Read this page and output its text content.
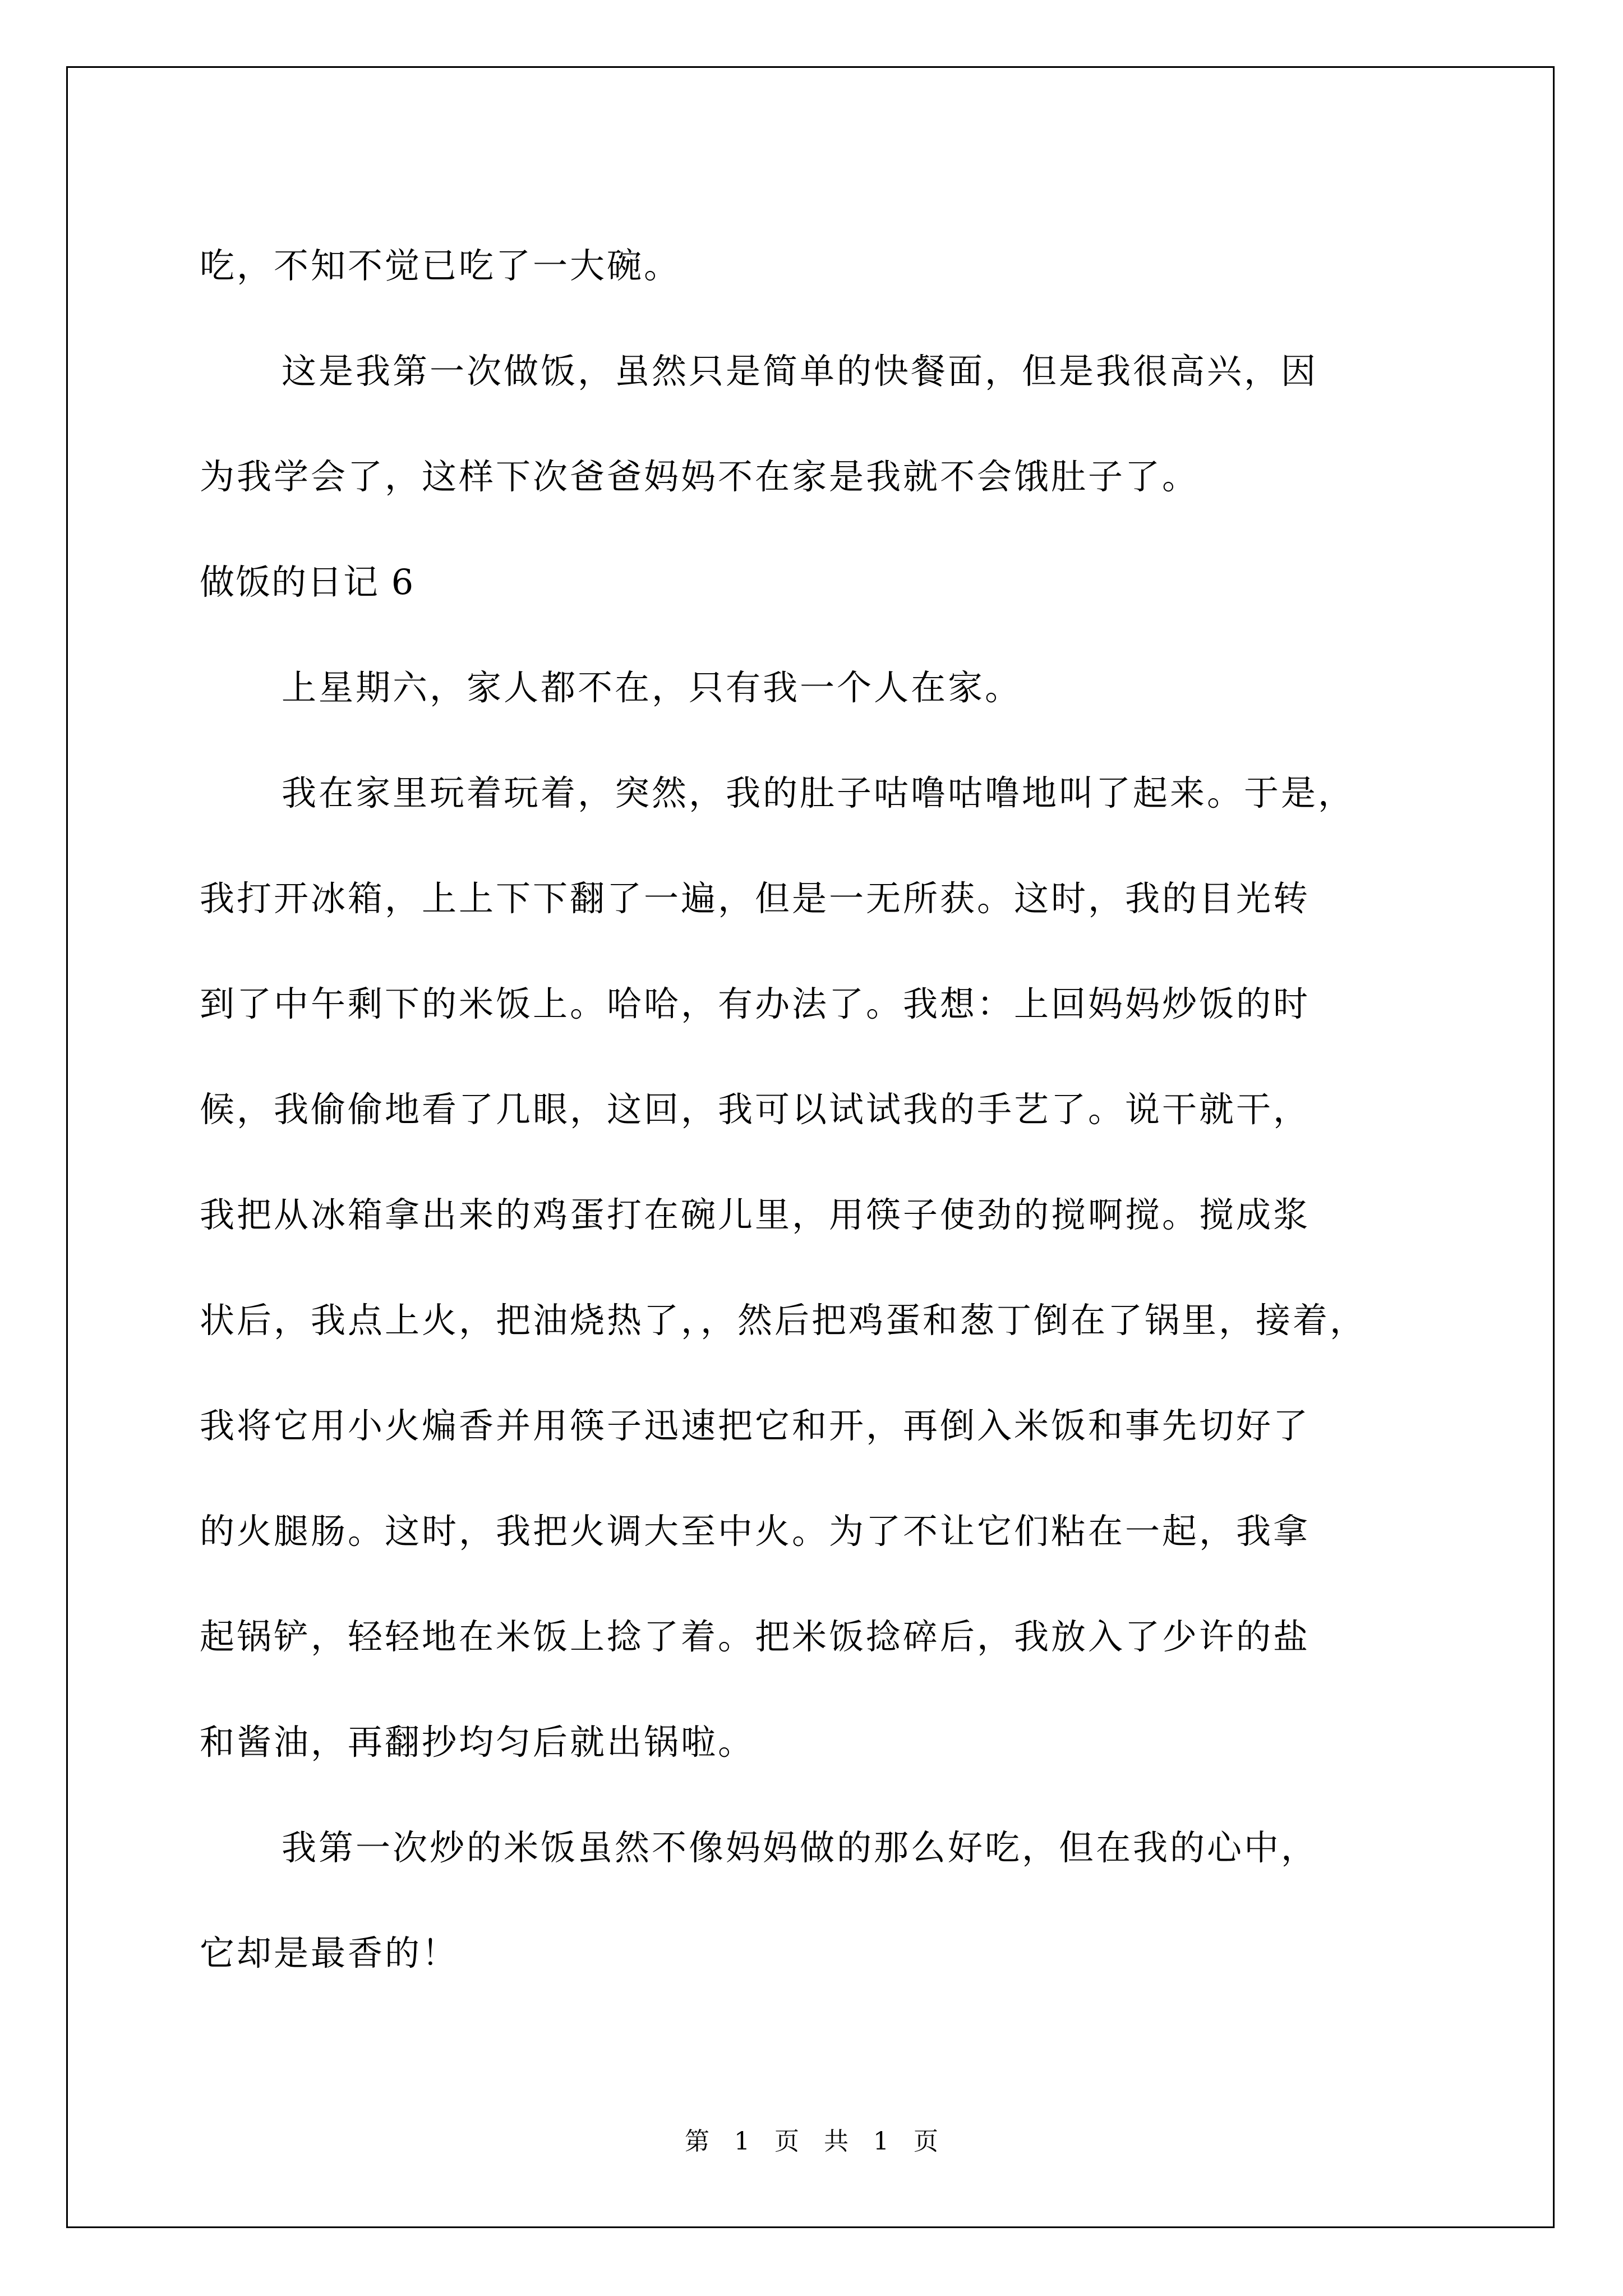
吃，不知不觉已吃了一大碗。
这是我第一次做饭，虽然只是简单的快餐面，但是我很高兴，因
为我学会了，这样下次爸爸妈妈不在家是我就不会饿肚子了。
做饭的日记 6
上星期六，家人都不在，只有我一个人在家。
我在家里玩着玩着，突然，我的肚子咕噜咕噜地叫了起来。于是，
我打开冰箱，上上下下翻了一遍，但是一无所获。这时，我的目光转
到了中午剩下的米饭上。哈哈，有办法了。我想：上回妈妈炒饭的时
候，我偷偷地看了几眼，这回，我可以试试我的手艺了。说干就干，
我把从冰箱拿出来的鸡蛋打在碗儿里，用筷子使劲的搅啊搅。搅成浆
状后，我点上火，把油烧热了，，然后把鸡蛋和葱丁倒在了锅里，接着，
我将它用小火煸香并用筷子迅速把它和开，再倒入米饭和事先切好了
的火腿肠。这时，我把火调大至中火。为了不让它们粘在一起，我拿
起锅铲，轻轻地在米饭上捻了着。把米饭捻碎后，我放入了少许的盐
和酱油，再翻抄均匀后就出锅啦。
我第一次炒的米饭虽然不像妈妈做的那么好吃，但在我的心中，
它却是最香的！
第 1 页 共 1 页
